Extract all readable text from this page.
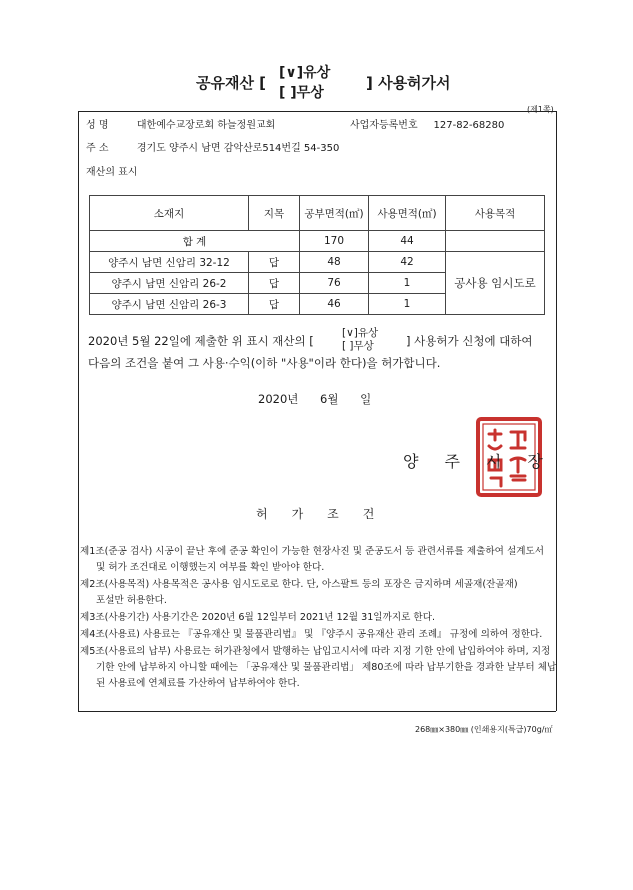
공유재산 [
[∨]유상
[ ]무상
] 사용허가서
(제1쪽)
성 명	대한예수교장로회 하늘정원교회	사업자등록번호 127-82-68280
주 소	경기도 양주시 남면 감악산로514번길 54-350
재산의 표시
소재지	지목	공부면적(㎡)	사용면적(㎡)	사용목적
합 계		170	44	
양주시 남면 신암리 32-12	답	48	42	공사용 임시도로
양주시 남면 신암리 26-2	답	76	1	
양주시 남면 신암리 26-3	답	46	1	
2020년 5월 22일에 제출한 위 표시 재산의 [
[∨]유상
[ ]무상	] 사용허가 신청에 대하여
다음의 조건을 붙여 그 사용·수익(이하 "사용"이라 한다)을 허가합니다.
2020년 6월 일
양주시장
허가조건
제1조(준공 검사) 시공이 끝난 후에 준공 확인이 가능한 현장사진 및 준공도서 등 관련서류를 제출하여 설계도서
및 허가 조건대로 이행했는지 여부를 확인 받아야 한다.
제2조(사용목적) 사용목적은 공사용 임시도로로 한다. 단, 아스팔트 등의 포장은 금지하며 세골재(잔골재)
포설만 허용한다.
제3조(사용기간) 사용기간은 2020년 6월 12일부터 2021년 12월 31일까지로 한다.
제4조(사용료) 사용료는 『공유재산 및 물품관리법』 및 『양주시 공유재산 관리 조례』 규정에 의하여 정한다.
제5조(사용료의 납부) 사용료는 허가관청에서 발행하는 납입고시서에 따라 지정 기한 안에 납입하여야 하며, 지정
기한 안에 납부하지 아니할 때에는 「공유재산 및 물품관리법」 제80조에 따라 납부기한을 경과한 날부터 체납
된 사용료에 연체료를 가산하여 납부하여야 한다.
268㎜×380㎜ (인쇄용지(특급)70g/㎡
